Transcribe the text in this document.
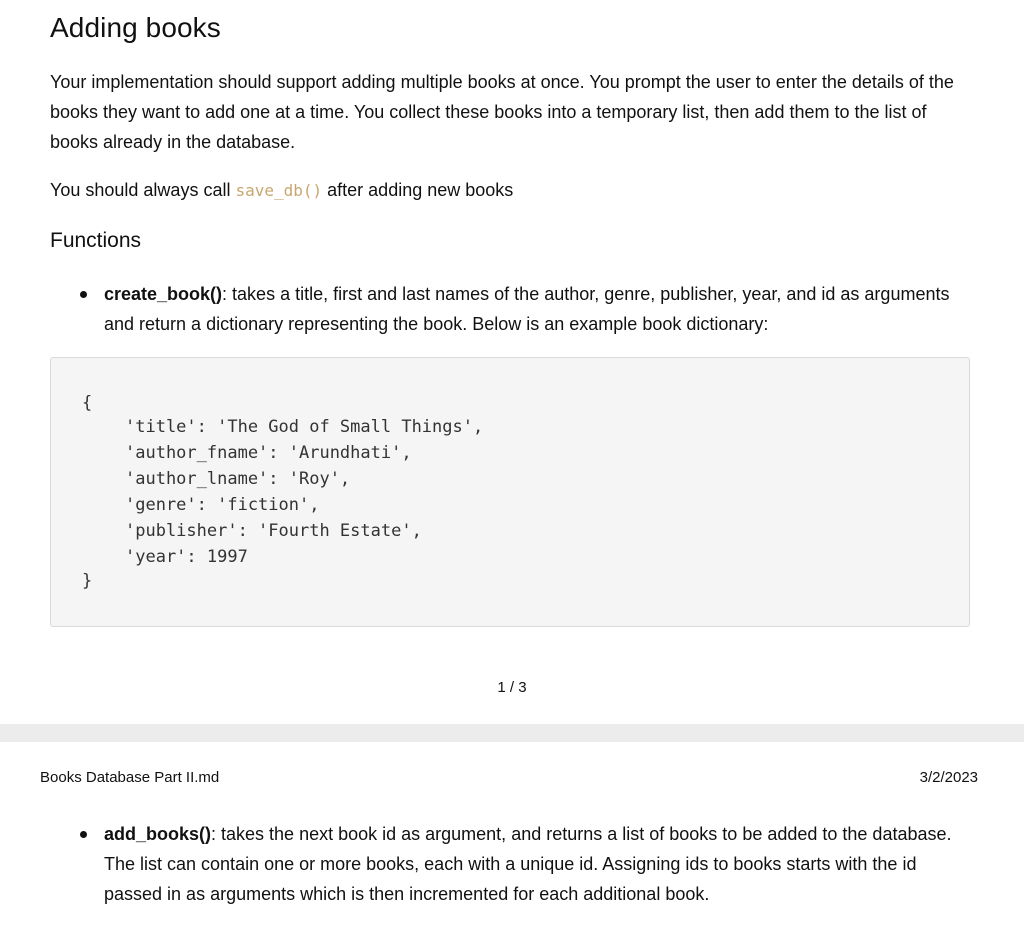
Adding books
Your implementation should support adding multiple books at once. You prompt the user to enter the details of the books they want to add one at a time. You collect these books into a temporary list, then add them to the list of books already in the database.
You should always call save_db() after adding new books
Functions
create_book(): takes a title, first and last names of the author, genre, publisher, year, and id as arguments and return a dictionary representing the book. Below is an example book dictionary:
{
'title': 'The God of Small Things',
'author_fname': 'Arundhati',
'author_lname': 'Roy',
'genre': 'fiction',
'publisher': 'Fourth Estate',
'year': 1997
}
1 / 3
Books Database Part II.md	3/2/2023
add_books(): takes the next book id as argument, and returns a list of books to be added to the database. The list can contain one or more books, each with a unique id. Assigning ids to books starts with the id passed in as arguments which is then incremented for each additional book.
